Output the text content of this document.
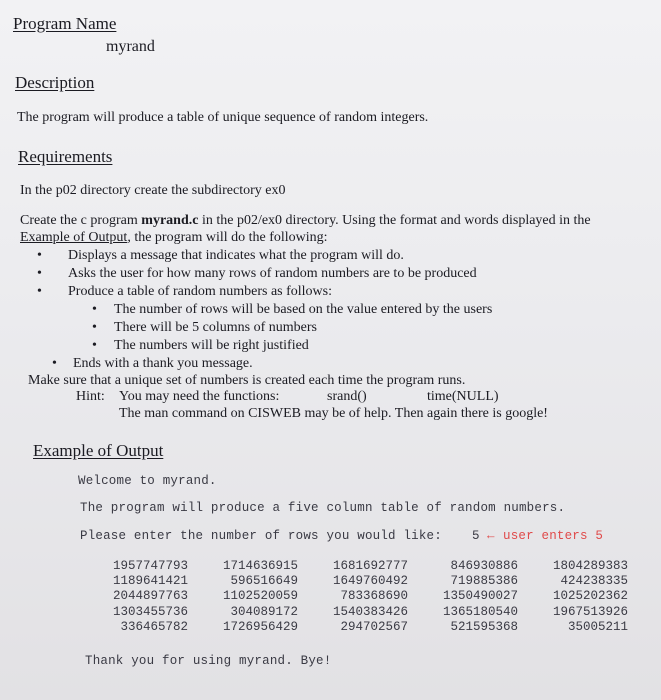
Program Name
myrand
Description
The program will produce a table of unique sequence of random integers.
Requirements
In the p02 directory create the subdirectory ex0
Create the c program myrand.c in the p02/ex0 directory. Using the format and words displayed in the
Example of Output, the program will do the following:
• Displays a message that indicates what the program will do.
• Asks the user for how many rows of random numbers are to be produced
• Produce a table of random numbers as follows:
• The number of rows will be based on the value entered by the users
• There will be 5 columns of numbers
• The numbers will be right justified
• Ends with a thank you message.
Make sure that a unique set of numbers is created each time the program runs.
Hint: You may need the functions:	srand()	time(NULL)
The man command on CISWEB may be of help. Then again there is google!
Example of Output
Welcome to myrand.
The program will produce a five column table of random numbers.
Please enter the number of rows you would like: 5 ← user enters 5
1957747793
1189641421
2044897763
1303455736
336465782
1714636915
596516649
1102520059
304089172
1726956429
1681692777
1649760492
783368690
1540383426
294702567
846930886
719885386
1350490027
1365180540
521595368
1804289383
424238335
1025202362
1967513926
35005211
Thank you for using myrand. Bye!
